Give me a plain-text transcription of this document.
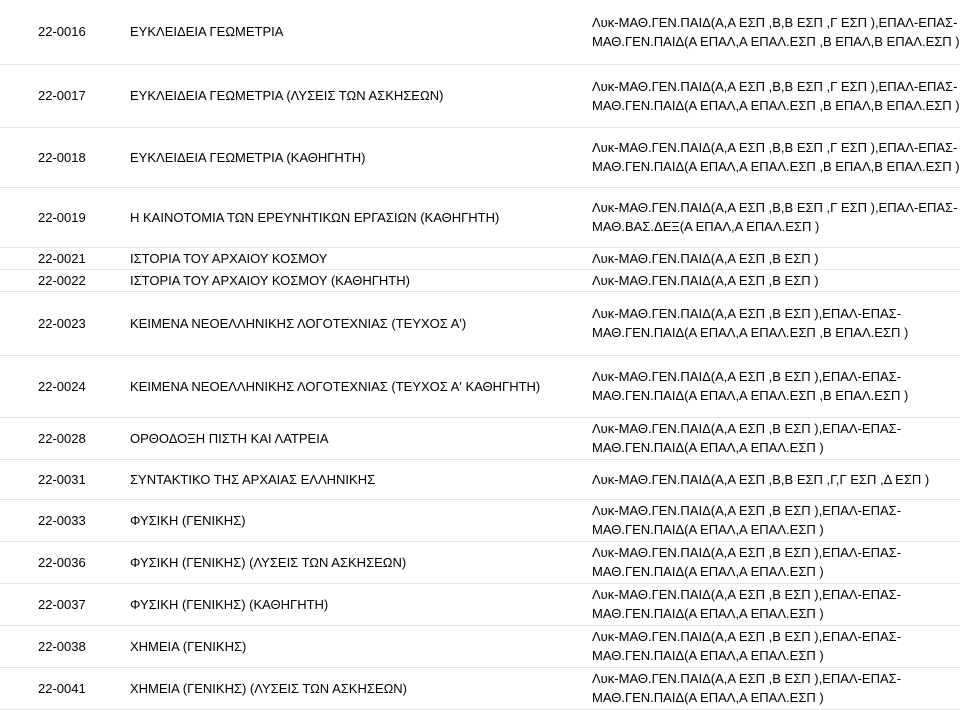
22-0016	ΕΥΚΛΕΙΔΕΙΑ ΓΕΩΜΕΤΡΙΑ	Λυκ-ΜΑΘ.ΓΕΝ.ΠΑΙΔ(Α,Α ΕΣΠ ,Β,Β ΕΣΠ ,Γ ΕΣΠ ),ΕΠΑΛ-ΕΠΑΣ-ΜΑΘ.ΓΕΝ.ΠΑΙΔ(Α ΕΠΑΛ,Α ΕΠΑΛ.ΕΣΠ ,Β ΕΠΑΛ,Β ΕΠΑΛ.ΕΣΠ )
22-0017	ΕΥΚΛΕΙΔΕΙΑ ΓΕΩΜΕΤΡΙΑ (ΛΥΣΕΙΣ ΤΩΝ ΑΣΚΗΣΕΩΝ)	Λυκ-ΜΑΘ.ΓΕΝ.ΠΑΙΔ(Α,Α ΕΣΠ ,Β,Β ΕΣΠ ,Γ ΕΣΠ ),ΕΠΑΛ-ΕΠΑΣ-ΜΑΘ.ΓΕΝ.ΠΑΙΔ(Α ΕΠΑΛ,Α ΕΠΑΛ.ΕΣΠ ,Β ΕΠΑΛ,Β ΕΠΑΛ.ΕΣΠ )
22-0018	ΕΥΚΛΕΙΔΕΙΑ ΓΕΩΜΕΤΡΙΑ (ΚΑΘΗΓΗΤΗ)	Λυκ-ΜΑΘ.ΓΕΝ.ΠΑΙΔ(Α,Α ΕΣΠ ,Β,Β ΕΣΠ ,Γ ΕΣΠ ),ΕΠΑΛ-ΕΠΑΣ-ΜΑΘ.ΓΕΝ.ΠΑΙΔ(Α ΕΠΑΛ,Α ΕΠΑΛ.ΕΣΠ ,Β ΕΠΑΛ,Β ΕΠΑΛ.ΕΣΠ )
22-0019	Η ΚΑΙΝΟΤΟΜΙΑ ΤΩΝ ΕΡΕΥΝΗΤΙΚΩΝ ΕΡΓΑΣΙΩΝ (ΚΑΘΗΓΗΤΗ)	Λυκ-ΜΑΘ.ΓΕΝ.ΠΑΙΔ(Α,Α ΕΣΠ ,Β,Β ΕΣΠ ,Γ ΕΣΠ ),ΕΠΑΛ-ΕΠΑΣ-ΜΑΘ.ΒΑΣ.ΔΕΞ(Α ΕΠΑΛ,Α ΕΠΑΛ.ΕΣΠ )
22-0021	ΙΣΤΟΡΙΑ ΤΟΥ ΑΡΧΑΙΟΥ ΚΟΣΜΟΥ	Λυκ-ΜΑΘ.ΓΕΝ.ΠΑΙΔ(Α,Α ΕΣΠ ,Β ΕΣΠ )
22-0022	ΙΣΤΟΡΙΑ ΤΟΥ ΑΡΧΑΙΟΥ ΚΟΣΜΟΥ (ΚΑΘΗΓΗΤΗ)	Λυκ-ΜΑΘ.ΓΕΝ.ΠΑΙΔ(Α,Α ΕΣΠ ,Β ΕΣΠ )
22-0023	ΚΕΙΜΕΝΑ ΝΕΟΕΛΛΗΝΙΚΗΣ ΛΟΓΟΤΕΧΝΙΑΣ (ΤΕΥΧΟΣ Α')	Λυκ-ΜΑΘ.ΓΕΝ.ΠΑΙΔ(Α,Α ΕΣΠ ,Β ΕΣΠ ),ΕΠΑΛ-ΕΠΑΣ-ΜΑΘ.ΓΕΝ.ΠΑΙΔ(Α ΕΠΑΛ,Α ΕΠΑΛ.ΕΣΠ ,Β ΕΠΑΛ.ΕΣΠ )
22-0024	ΚΕΙΜΕΝΑ ΝΕΟΕΛΛΗΝΙΚΗΣ ΛΟΓΟΤΕΧΝΙΑΣ (ΤΕΥΧΟΣ Α' ΚΑΘΗΓΗΤΗ)	Λυκ-ΜΑΘ.ΓΕΝ.ΠΑΙΔ(Α,Α ΕΣΠ ,Β ΕΣΠ ),ΕΠΑΛ-ΕΠΑΣ-ΜΑΘ.ΓΕΝ.ΠΑΙΔ(Α ΕΠΑΛ,Α ΕΠΑΛ.ΕΣΠ ,Β ΕΠΑΛ.ΕΣΠ )
22-0028	ΟΡΘΟΔΟΞΗ ΠΙΣΤΗ ΚΑΙ ΛΑΤΡΕΙΑ	Λυκ-ΜΑΘ.ΓΕΝ.ΠΑΙΔ(Α,Α ΕΣΠ ,Β ΕΣΠ ),ΕΠΑΛ-ΕΠΑΣ-ΜΑΘ.ΓΕΝ.ΠΑΙΔ(Α ΕΠΑΛ,Α ΕΠΑΛ.ΕΣΠ )
22-0031	ΣΥΝΤΑΚΤΙΚΟ ΤΗΣ ΑΡΧΑΙΑΣ ΕΛΛΗΝΙΚΗΣ	Λυκ-ΜΑΘ.ΓΕΝ.ΠΑΙΔ(Α,Α ΕΣΠ ,Β,Β ΕΣΠ ,Γ,Γ ΕΣΠ ,Δ ΕΣΠ )
22-0033	ΦΥΣΙΚΗ (ΓΕΝΙΚΗΣ)	Λυκ-ΜΑΘ.ΓΕΝ.ΠΑΙΔ(Α,Α ΕΣΠ ,Β ΕΣΠ ),ΕΠΑΛ-ΕΠΑΣ-ΜΑΘ.ΓΕΝ.ΠΑΙΔ(Α ΕΠΑΛ,Α ΕΠΑΛ.ΕΣΠ )
22-0036	ΦΥΣΙΚΗ (ΓΕΝΙΚΗΣ) (ΛΥΣΕΙΣ ΤΩΝ ΑΣΚΗΣΕΩΝ)	Λυκ-ΜΑΘ.ΓΕΝ.ΠΑΙΔ(Α,Α ΕΣΠ ,Β ΕΣΠ ),ΕΠΑΛ-ΕΠΑΣ-ΜΑΘ.ΓΕΝ.ΠΑΙΔ(Α ΕΠΑΛ,Α ΕΠΑΛ.ΕΣΠ )
22-0037	ΦΥΣΙΚΗ (ΓΕΝΙΚΗΣ) (ΚΑΘΗΓΗΤΗ)	Λυκ-ΜΑΘ.ΓΕΝ.ΠΑΙΔ(Α,Α ΕΣΠ ,Β ΕΣΠ ),ΕΠΑΛ-ΕΠΑΣ-ΜΑΘ.ΓΕΝ.ΠΑΙΔ(Α ΕΠΑΛ,Α ΕΠΑΛ.ΕΣΠ )
22-0038	ΧΗΜΕΙΑ (ΓΕΝΙΚΗΣ)	Λυκ-ΜΑΘ.ΓΕΝ.ΠΑΙΔ(Α,Α ΕΣΠ ,Β ΕΣΠ ),ΕΠΑΛ-ΕΠΑΣ-ΜΑΘ.ΓΕΝ.ΠΑΙΔ(Α ΕΠΑΛ,Α ΕΠΑΛ.ΕΣΠ )
22-0041	ΧΗΜΕΙΑ (ΓΕΝΙΚΗΣ) (ΛΥΣΕΙΣ ΤΩΝ ΑΣΚΗΣΕΩΝ)	Λυκ-ΜΑΘ.ΓΕΝ.ΠΑΙΔ(Α,Α ΕΣΠ ,Β ΕΣΠ ),ΕΠΑΛ-ΕΠΑΣ-ΜΑΘ.ΓΕΝ.ΠΑΙΔ(Α ΕΠΑΛ,Α ΕΠΑΛ.ΕΣΠ )
